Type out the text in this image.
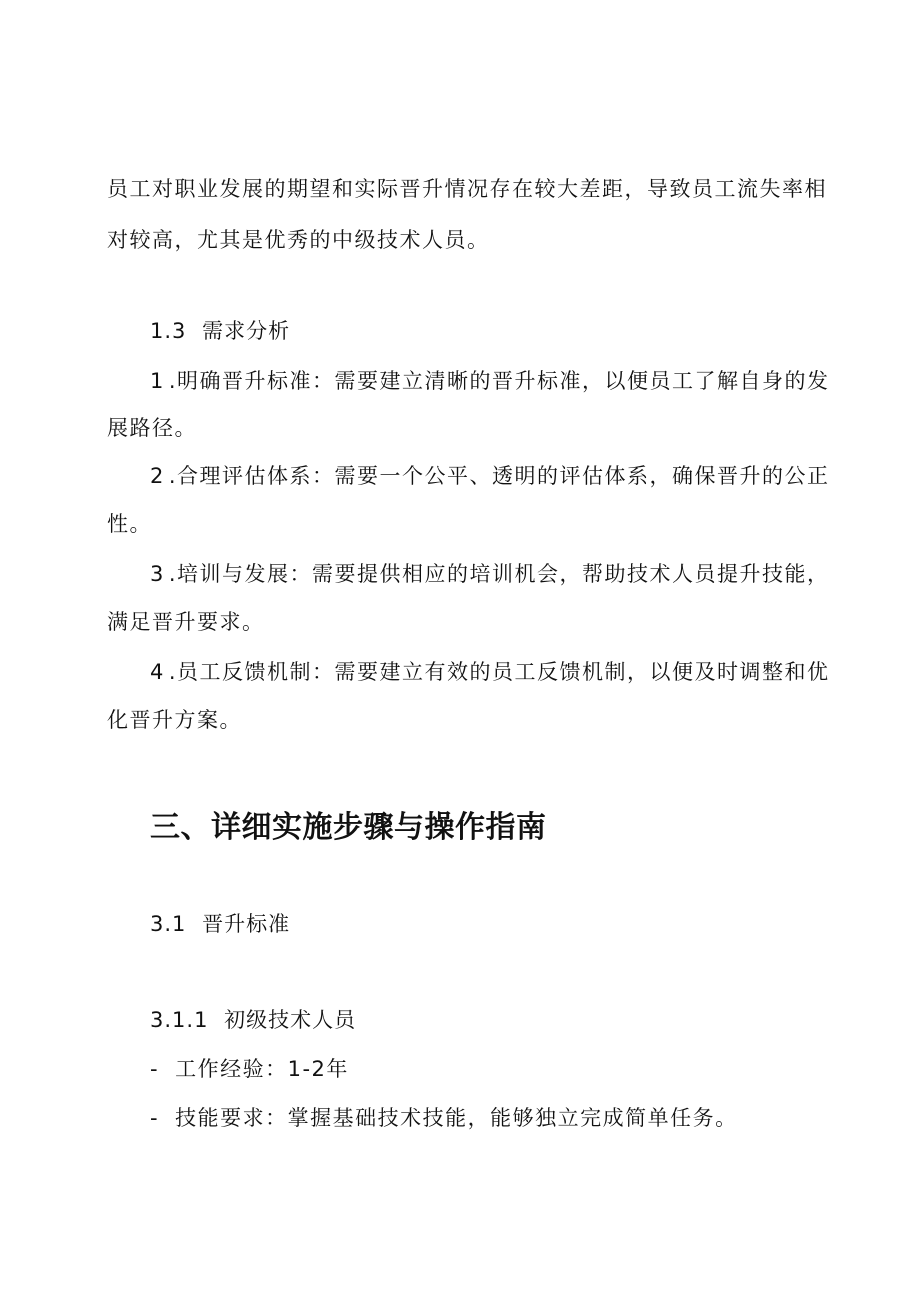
员工对职业发展的期望和实际晋升情况存在较大差距，导致员工流失率相
对较高，尤其是优秀的中级技术人员。
1.3 需求分析
1 .明确晋升标准：需要建立清晰的晋升标准，以便员工了解自身的发
展路径。
2 .合理评估体系：需要一个公平、透明的评估体系，确保晋升的公正
性。
3 .培训与发展：需要提供相应的培训机会，帮助技术人员提升技能，
满足晋升要求。
4 .员工反馈机制：需要建立有效的员工反馈机制，以便及时调整和优
化晋升方案。
三、详细实施步骤与操作指南
3.1 晋升标准
3.1.1 初级技术人员
- 工作经验：1-2年
- 技能要求：掌握基础技术技能，能够独立完成简单任务。
